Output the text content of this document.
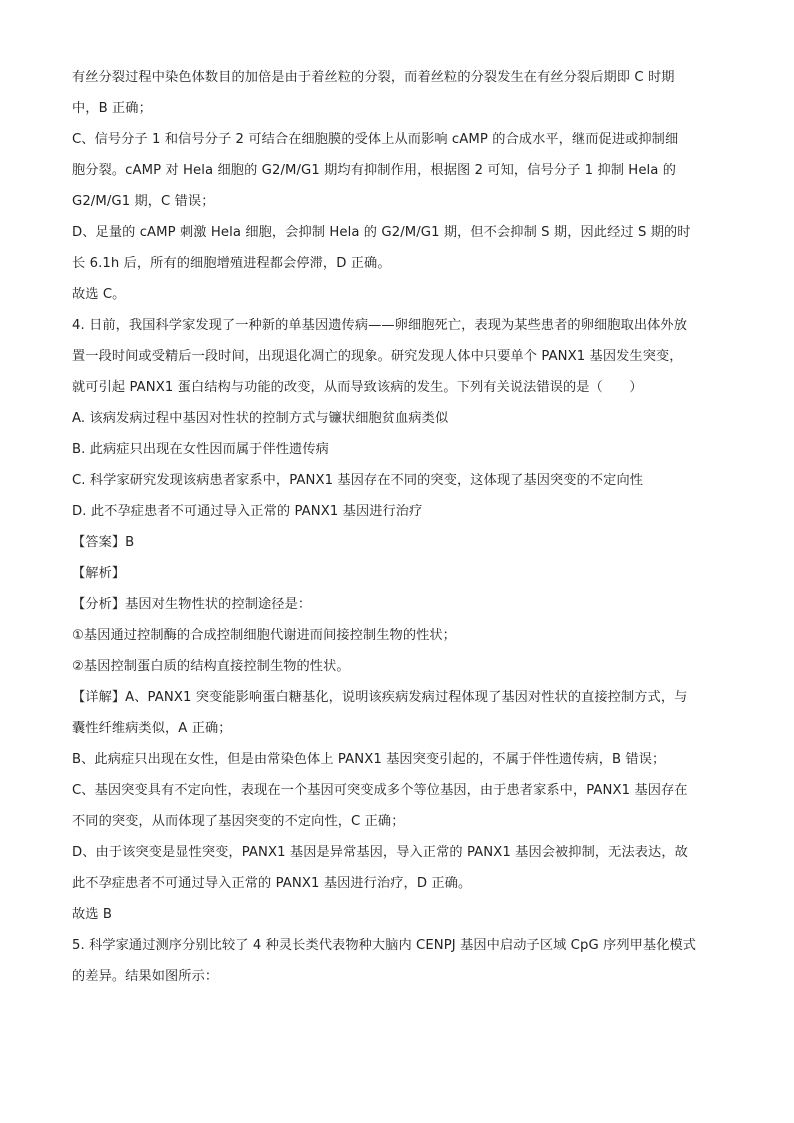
有丝分裂过程中染色体数目的加倍是由于着丝粒的分裂，而着丝粒的分裂发生在有丝分裂后期即 C 时期
中，B 正确；
C、信号分子 1 和信号分子 2 可结合在细胞膜的受体上从而影响 cAMP 的合成水平，继而促进或抑制细
胞分裂。cAMP 对 Hela 细胞的 G2/M/G1 期均有抑制作用，根据图 2 可知，信号分子 1 抑制 Hela 的
G2/M/G1 期，C 错误；
D、足量的 cAMP 刺激 Hela 细胞，会抑制 Hela 的 G2/M/G1 期，但不会抑制 S 期，因此经过 S 期的时
长 6.1h 后，所有的细胞增殖进程都会停滞，D 正确。
故选 C。
4. 日前，我国科学家发现了一种新的单基因遗传病——卵细胞死亡，表现为某些患者的卵细胞取出体外放
置一段时间或受精后一段时间，出现退化凋亡的现象。研究发现人体中只要单个 PANX1 基因发生突变，
就可引起 PANX1 蛋白结构与功能的改变，从而导致该病的发生。下列有关说法错误的是（　　）
A. 该病发病过程中基因对性状的控制方式与镰状细胞贫血病类似
B. 此病症只出现在女性因而属于伴性遗传病
C. 科学家研究发现该病患者家系中，PANX1 基因存在不同的突变，这体现了基因突变的不定向性
D. 此不孕症患者不可通过导入正常的 PANX1 基因进行治疗
【答案】B
【解析】
【分析】基因对生物性状的控制途径是：
①基因通过控制酶的合成控制细胞代谢进而间接控制生物的性状；
②基因控制蛋白质的结构直接控制生物的性状。
【详解】A、PANX1 突变能影响蛋白糖基化，说明该疾病发病过程体现了基因对性状的直接控制方式，与
囊性纤维病类似，A 正确；
B、此病症只出现在女性，但是由常染色体上 PANX1 基因突变引起的，不属于伴性遗传病，B 错误；
C、基因突变具有不定向性，表现在一个基因可突变成多个等位基因，由于患者家系中，PANX1 基因存在
不同的突变，从而体现了基因突变的不定向性，C 正确；
D、由于该突变是显性突变，PANX1 基因是异常基因，导入正常的 PANX1 基因会被抑制，无法表达，故
此不孕症患者不可通过导入正常的 PANX1 基因进行治疗，D 正确。
故选 B
5. 科学家通过测序分别比较了 4 种灵长类代表物种大脑内 CENPJ 基因中启动子区域 CpG 序列甲基化模式
的差异。结果如图所示：
